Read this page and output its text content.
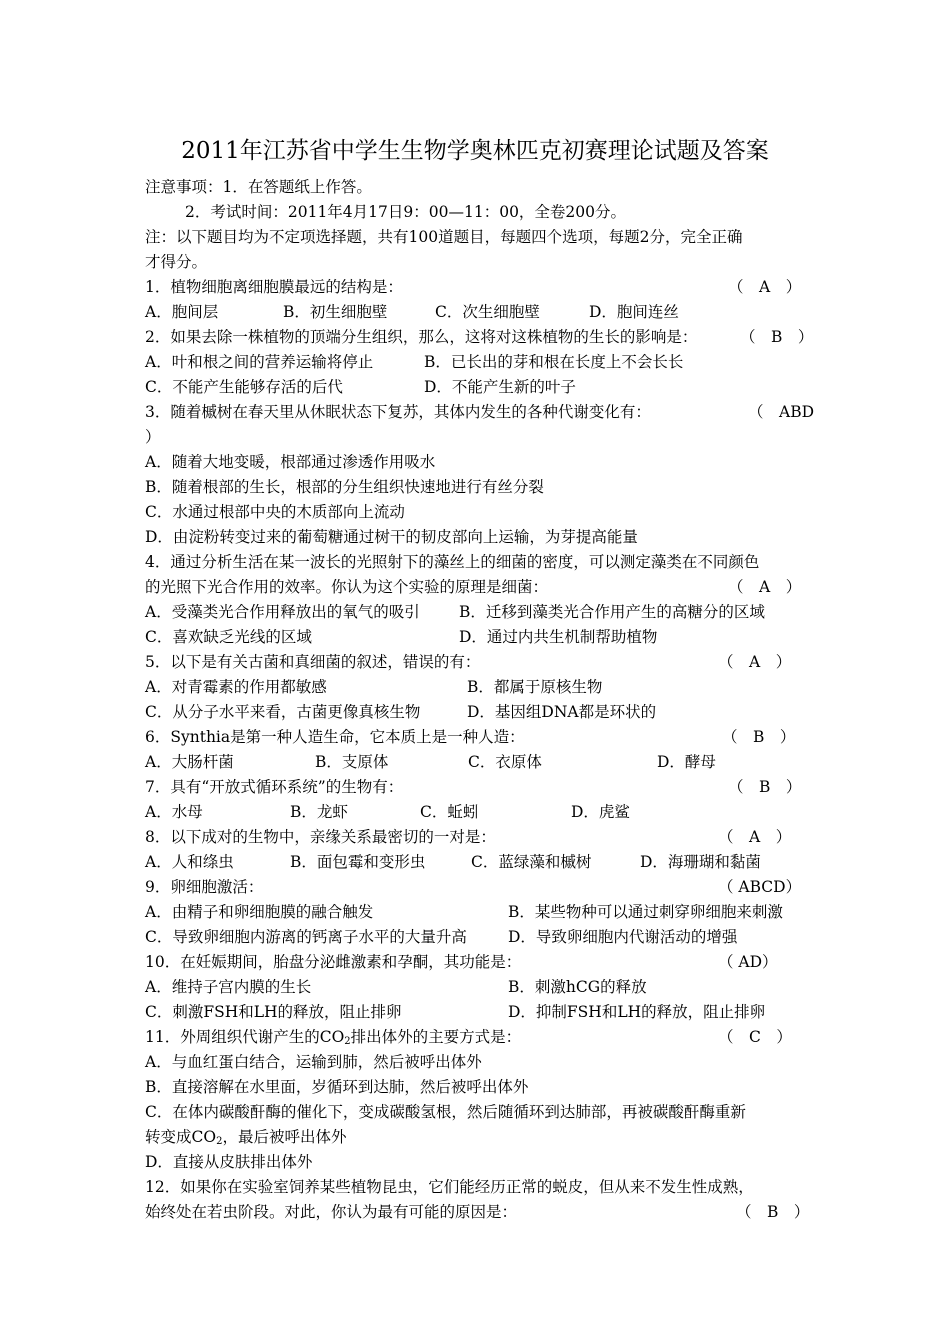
2011年江苏省中学生生物学奥林匹克初赛理论试题及答案
注意事项：1．在答题纸上作答。
2．考试时间：2011年4月17日9：00—11：00，全卷200分。
注：以下题目均为不定项选择题，共有100道题目，每题四个选项，每题2分，完全正确
才得分。
1．植物细胞离细胞膜最远的结构是：	（　A　）
A．胞间层	B．初生细胞壁	C．次生细胞壁	D．胞间连丝
2．如果去除一株植物的顶端分生组织，那么，这将对这株植物的生长的影响是：	（　B　）
A．叶和根之间的营养运输将停止	B．已长出的芽和根在长度上不会长长
C．不能产生能够存活的后代	D．不能产生新的叶子
3．随着槭树在春天里从休眠状态下复苏，其体内发生的各种代谢变化有：	（　ABD
）
A．随着大地变暖，根部通过渗透作用吸水
B．随着根部的生长，根部的分生组织快速地进行有丝分裂
C．水通过根部中央的木质部向上流动
D．由淀粉转变过来的葡萄糖通过树干的韧皮部向上运输，为芽提高能量
4．通过分析生活在某一波长的光照射下的藻丝上的细菌的密度，可以测定藻类在不同颜色
的光照下光合作用的效率。你认为这个实验的原理是细菌：	（　A　）
A．受藻类光合作用释放出的氧气的吸引	B．迁移到藻类光合作用产生的高糖分的区域
C．喜欢缺乏光线的区域	D．通过内共生机制帮助植物
5．以下是有关古菌和真细菌的叙述，错误的有：	（　A　）
A．对青霉素的作用都敏感	B．都属于原核生物
C．从分子水平来看，古菌更像真核生物	D．基因组DNA都是环状的
6．Synthia是第一种人造生命，它本质上是一种人造：	（　B　）
A．大肠杆菌	B．支原体	C．衣原体	D．酵母
7．具有“开放式循环系统”的生物有：	（　B　）
A．水母	B．龙虾	C．蚯蚓	D．虎鲨
8．以下成对的生物中，亲缘关系最密切的一对是：	（　A　）
A．人和绦虫	B．面包霉和变形虫	C．蓝绿藻和槭树	D．海珊瑚和黏菌
9．卵细胞激活：	（ ABCD）
A．由精子和卵细胞膜的融合触发	B．某些物种可以通过刺穿卵细胞来刺激
C．导致卵细胞内游离的钙离子水平的大量升高	D．导致卵细胞内代谢活动的增强
10．在妊娠期间，胎盘分泌雌激素和孕酮，其功能是：	（ AD）
A．维持子宫内膜的生长	B．刺激hCG的释放
C．刺激FSH和LH的释放，阻止排卵	D．抑制FSH和LH的释放，阻止排卵
11．外周组织代谢产生的$CO_2$排出体外的主要方式是：	（　C　）
A．与血红蛋白结合，运输到肺，然后被呼出体外
B．直接溶解在水里面，岁循环到达肺，然后被呼出体外
C．在体内碳酸酐酶的催化下，变成碳酸氢根，然后随循环到达肺部，再被碳酸酐酶重新
转变成$CO_2$，最后被呼出体外
D．直接从皮肤排出体外
12．如果你在实验室饲养某些植物昆虫，它们能经历正常的蜕皮，但从来不发生性成熟，
始终处在若虫阶段。对此，你认为最有可能的原因是：	（　B　）
